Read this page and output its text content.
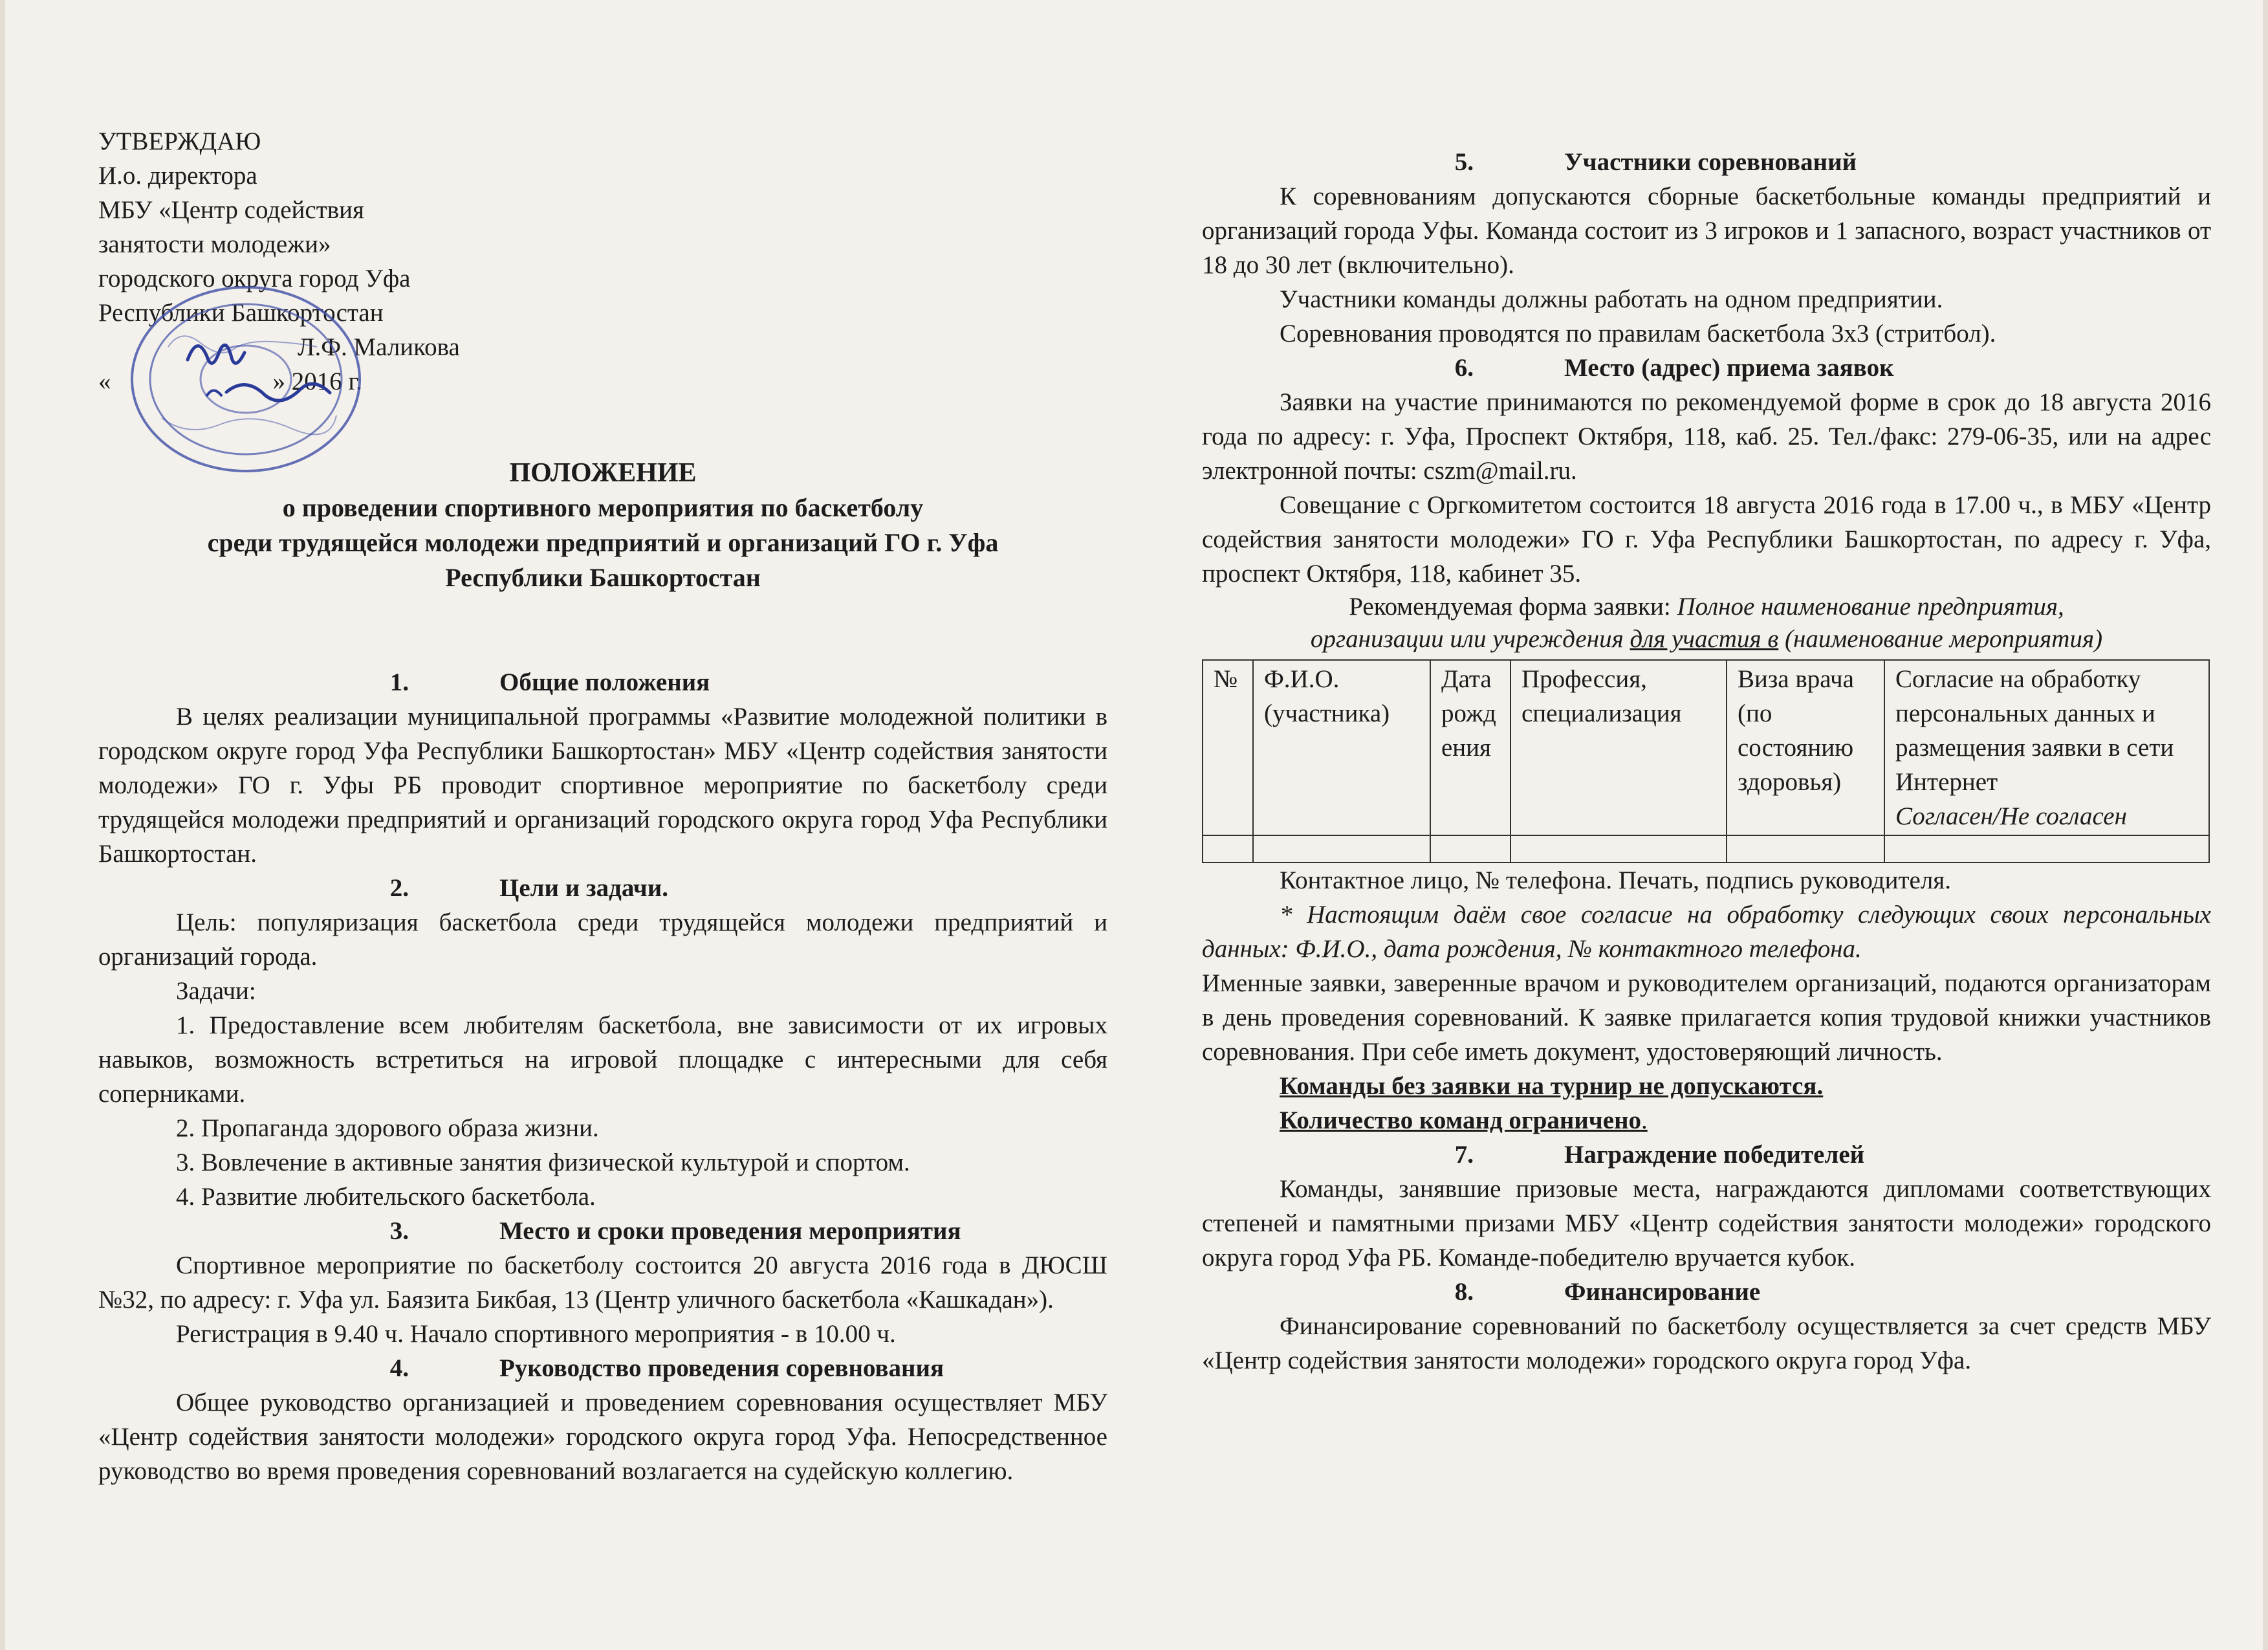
УТВЕРЖДАЮ
И.о. директора
МБУ «Центр содействия
занятости молодежи»
городского округа город Уфа
Республики Башкортостан
Л.Ф. Маликова
«	» 2016 г.
ПОЛОЖЕНИЕ
о проведении спортивного мероприятия по баскетболу
среди трудящейся молодежи предприятий и организаций ГО г. Уфа
Республики Башкортостан
1.	Общие положения

В целях реализации муниципальной программы «Развитие молодежной политики в городском округе город Уфа Республики Башкортостан» МБУ «Центр содействия занятости молодежи» ГО г. Уфы РБ проводит спортивное мероприятие по баскетболу среди трудящейся молодежи предприятий и организаций городского округа город Уфа Республики Башкортостан.

2.	Цели и задачи.

Цель: популяризация баскетбола среди трудящейся молодежи предприятий и организаций города.

Задачи:

1. Предоставление всем любителям баскетбола, вне зависимости от их игровых навыков, возможность встретиться на игровой площадке с интересными для себя соперниками.

2. Пропаганда здорового образа жизни.

3. Вовлечение в активные занятия физической культурой и спортом.

4. Развитие любительского баскетбола.

3.	Место и сроки проведения мероприятия

Спортивное мероприятие по баскетболу состоится 20 августа 2016 года в ДЮСШ №32, по адресу: г. Уфа ул. Баязита Бикбая, 13 (Центр уличного баскетбола «Кашкадан»).

Регистрация в 9.40 ч. Начало спортивного мероприятия - в 10.00 ч.

4.	Руководство проведения соревнования

Общее руководство организацией и проведением соревнования осуществляет МБУ «Центр содействия занятости молодежи» городского округа город Уфа. Непосредственное руководство во время проведения соревнований возлагается на судейскую коллегию.

5.	Участники соревнований

К соревнованиям допускаются сборные баскетбольные команды предприятий и организаций города Уфы. Команда состоит из 3 игроков и 1 запасного, возраст участников от 18 до 30 лет (включительно).

Участники команды должны работать на одном предприятии.

Соревнования проводятся по правилам баскетбола 3x3 (стритбол).

6.	Место (адрес) приема заявок

Заявки на участие принимаются по рекомендуемой форме в срок до 18 августа 2016 года по адресу: г. Уфа, Проспект Октября, 118, каб. 25. Тел./факс: 279-06-35, или на адрес электронной почты: cszm@mail.ru.

Совещание с Оргкомитетом состоится 18 августа 2016 года в 17.00 ч., в МБУ «Центр содействия занятости молодежи» ГО г. Уфа Республики Башкортостан, по адресу г. Уфа, проспект Октября, 118, кабинет 35.

Рекомендуемая форма заявки: Полное наименование предприятия,
организации или учреждения для участия в (наименование мероприятия)
№	Ф.И.О. (участника)	Дата рожд ения	Профессия, специализация	Виза врача (по состоянию здоровья)	Согласие на обработку персональных данных и размещения заявки в сети Интернет
Согласен/Не согласен

Контактное лицо, № телефона. Печать, подпись руководителя.

* Настоящим даём свое согласие на обработку следующих своих персональных данных: Ф.И.О., дата рождения, № контактного телефона.

Именные заявки, заверенные врачом и руководителем организаций, подаются организаторам в день проведения соревнований. К заявке прилагается копия трудовой книжки участников соревнования. При себе иметь документ, удостоверяющий личность.

Команды без заявки на турнир не допускаются.
Количество команд ограничено.
7.	Награждение победителей

Команды, занявшие призовые места, награждаются дипломами соответствующих степеней и памятными призами МБУ «Центр содействия занятости молодежи» городского округа город Уфа РБ. Команде-победителю вручается кубок.

8.	Финансирование

Финансирование соревнований по баскетболу осуществляется за счет средств МБУ «Центр содействия занятости молодежи» городского округа город Уфа.
